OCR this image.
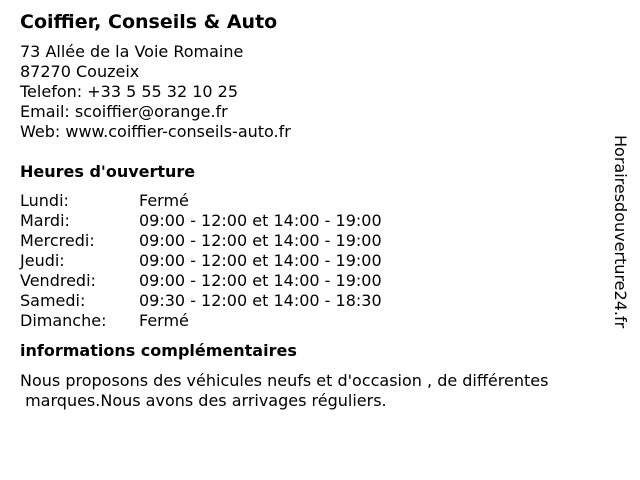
Coiffier, Conseils & Auto
73 Allée de la Voie Romaine
87270 Couzeix
Telefon: +33 5 55 32 10 25
Email: scoiffier@orange.fr
Web: www.coiffier-conseils-auto.fr
Heures d'ouverture
Lundi:	Fermé
Mardi:	09:00 - 12:00 et 14:00 - 19:00
Mercredi:	09:00 - 12:00 et 14:00 - 19:00
Jeudi:	09:00 - 12:00 et 14:00 - 19:00
Vendredi:	09:00 - 12:00 et 14:00 - 19:00
Samedi:	09:30 - 12:00 et 14:00 - 18:30
Dimanche:	Fermé
informations complémentaires
Nous proposons des véhicules neufs et d'occasion , de différentes
marques.Nous avons des arrivages réguliers.
Horairesdouverture24.fr
